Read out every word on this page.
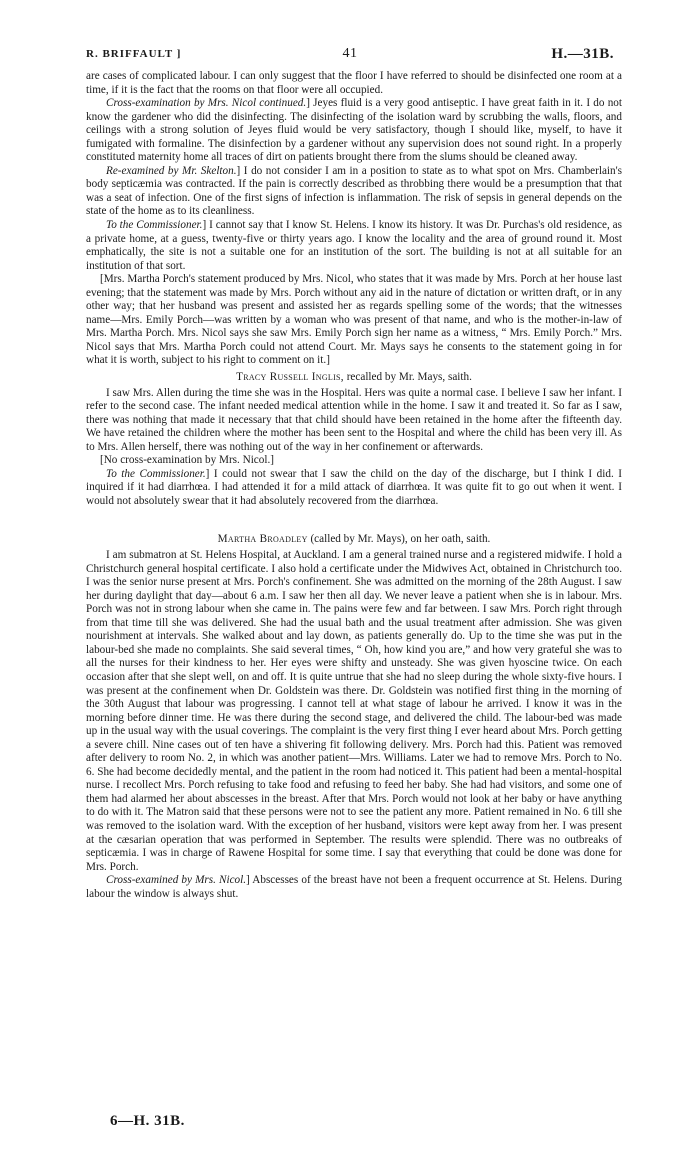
R. BRIFFAULT ]	41	H.—31B.

are cases of complicated labour. I can only suggest that the floor I have referred to should be disinfected one room at a time, if it is the fact that the rooms on that floor were all occupied.

Cross-examination by Mrs. Nicol continued.] Jeyes fluid is a very good antiseptic. I have great faith in it. I do not know the gardener who did the disinfecting. The disinfecting of the isolation ward by scrubbing the walls, floors, and ceilings with a strong solution of Jeyes fluid would be very satisfactory, though I should like, myself, to have it fumigated with formaline. The disinfection by a gardener without any supervision does not sound right. In a properly constituted maternity home all traces of dirt on patients brought there from the slums should be cleaned away.

Re-examined by Mr. Skelton.] I do not consider I am in a position to state as to what spot on Mrs. Chamberlain's body septicæmia was contracted. If the pain is correctly described as throbbing there would be a presumption that that was a seat of infection. One of the first signs of infection is inflammation. The risk of sepsis in general depends on the state of the home as to its cleanliness.

To the Commissioner.] I cannot say that I know St. Helens. I know its history. It was Dr. Purchas's old residence, as a private home, at a guess, twenty-five or thirty years ago. I know the locality and the area of ground round it. Most emphatically, the site is not a suitable one for an institution of the sort. The building is not at all suitable for an institution of that sort.

[Mrs. Martha Porch's statement produced by Mrs. Nicol, who states that it was made by Mrs. Porch at her house last evening; that the statement was made by Mrs. Porch without any aid in the nature of dictation or written draft, or in any other way; that her husband was present and assisted her as regards spelling some of the words; that the witnesses name—Mrs. Emily Porch—was written by a woman who was present of that name, and who is the mother-in-law of Mrs. Martha Porch. Mrs. Nicol says she saw Mrs. Emily Porch sign her name as a witness, “ Mrs. Emily Porch.” Mrs. Nicol says that Mrs. Martha Porch could not attend Court. Mr. Mays says he consents to the statement going in for what it is worth, subject to his right to comment on it.]

Tracy Russell Inglis, recalled by Mr. Mays, saith.

I saw Mrs. Allen during the time she was in the Hospital. Hers was quite a normal case. I believe I saw her infant. I refer to the second case. The infant needed medical attention while in the home. I saw it and treated it. So far as I saw, there was nothing that made it necessary that that child should have been retained in the home after the fifteenth day. We have retained the children where the mother has been sent to the Hospital and where the child has been very ill. As to Mrs. Allen herself, there was nothing out of the way in her confinement or afterwards.

[No cross-examination by Mrs. Nicol.]

To the Commissioner.] I could not swear that I saw the child on the day of the discharge, but I think I did. I inquired if it had diarrhœa. I had attended it for a mild attack of diarrhœa. It was quite fit to go out when it went. I would not absolutely swear that it had absolutely recovered from the diarrhœa.

Martha Broadley (called by Mr. Mays), on her oath, saith.

I am submatron at St. Helens Hospital, at Auckland. I am a general trained nurse and a registered midwife. I hold a Christchurch general hospital certificate. I also hold a certificate under the Midwives Act, obtained in Christchurch too. I was the senior nurse present at Mrs. Porch's confinement. She was admitted on the morning of the 28th August. I saw her during daylight that day—about 6 a.m. I saw her then all day. We never leave a patient when she is in labour. Mrs. Porch was not in strong labour when she came in. The pains were few and far between. I saw Mrs. Porch right through from that time till she was delivered. She had the usual bath and the usual treatment after admission. She was given nourishment at intervals. She walked about and lay down, as patients generally do. Up to the time she was put in the labour-bed she made no complaints. She said several times, “ Oh, how kind you are,” and how very grateful she was to all the nurses for their kindness to her. Her eyes were shifty and unsteady. She was given hyoscine twice. On each occasion after that she slept well, on and off. It is quite untrue that she had no sleep during the whole sixty-five hours. I was present at the confinement when Dr. Goldstein was there. Dr. Goldstein was notified first thing in the morning of the 30th August that labour was progressing. I cannot tell at what stage of labour he arrived. I know it was in the morning before dinner time. He was there during the second stage, and delivered the child. The labour-bed was made up in the usual way with the usual coverings. The complaint is the very first thing I ever heard about Mrs. Porch getting a severe chill. Nine cases out of ten have a shivering fit following delivery. Mrs. Porch had this. Patient was removed after delivery to room No. 2, in which was another patient—Mrs. Williams. Later we had to remove Mrs. Porch to No. 6. She had become decidedly mental, and the patient in the room had noticed it. This patient had been a mental-hospital nurse. I recollect Mrs. Porch refusing to take food and refusing to feed her baby. She had had visitors, and some one of them had alarmed her about abscesses in the breast. After that Mrs. Porch would not look at her baby or have anything to do with it. The Matron said that these persons were not to see the patient any more. Patient remained in No. 6 till she was removed to the isolation ward. With the exception of her husband, visitors were kept away from her. I was present at the cæsarian operation that was performed in September. The results were splendid. There was no outbreaks of septicæmia. I was in charge of Rawene Hospital for some time. I say that everything that could be done was done for Mrs. Porch.

Cross-examined by Mrs. Nicol.] Abscesses of the breast have not been a frequent occurrence at St. Helens. During labour the window is always shut.

6—H. 31B.
